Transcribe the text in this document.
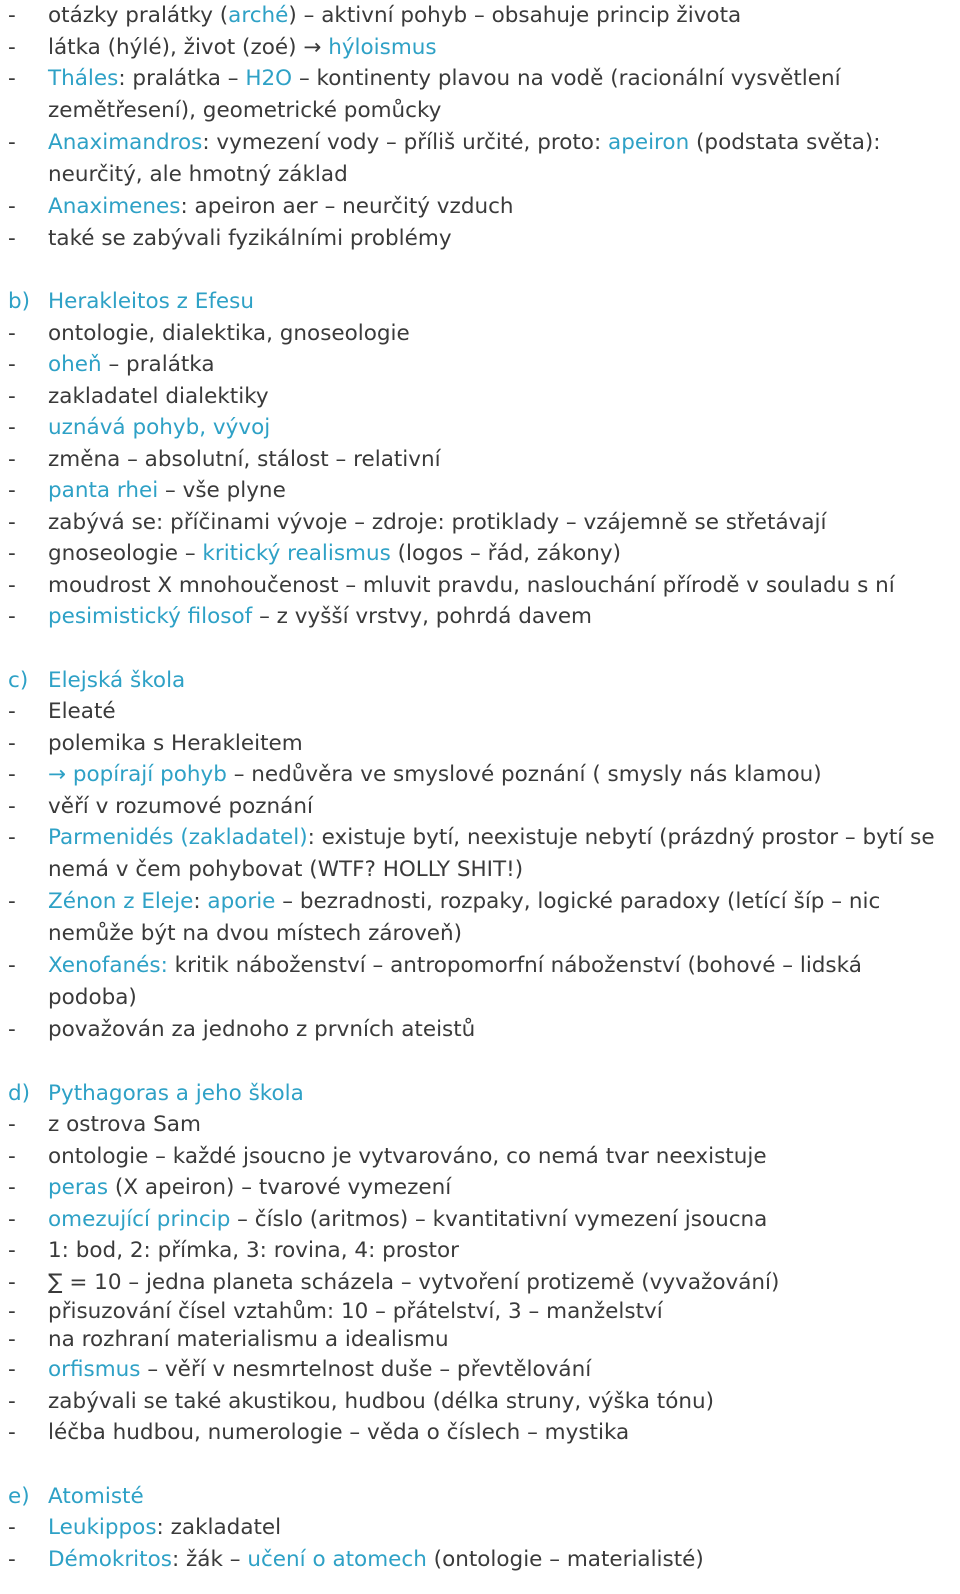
- otázky pralátky (arché) – aktivní pohyb – obsahuje princip života
- látka (hýlé), život (zoé) → hýloismus
- Tháles: pralátka – H2O – kontinenty plavou na vodě (racionální vysvětlení zemětřesení), geometrické pomůcky
- Anaximandros: vymezení vody – příliš určité, proto: apeiron (podstata světa): neurčitý, ale hmotný základ
- Anaximenes: apeiron aer – neurčitý vzduch
- také se zabývali fyzikálními problémy
b) Herakleitos z Efesu
- ontologie, dialektika, gnoseologie
- oheň – pralátka
- zakladatel dialektiky
- uznává pohyb, vývoj
- změna – absolutní, stálost – relativní
- panta rhei – vše plyne
- zabývá se: příčinami vývoje – zdroje: protiklady – vzájemně se střetávají
- gnoseologie – kritický realismus (logos – řád, zákony)
- moudrost X mnohoučenost – mluvit pravdu, naslouchání přírodě v souladu s ní
- pesimistický filosof – z vyšší vrstvy, pohrdá davem
c) Elejská škola
- Eleaté
- polemika s Herakleitem
- → popírají pohyb – nedůvěra ve smyslové poznání ( smysly nás klamou)
- věří v rozumové poznání
- Parmenidés (zakladatel): existuje bytí, neexistuje nebytí (prázdný prostor – bytí se nemá v čem pohybovat (WTF? HOLLY SHIT!)
- Zénon z Eleje: aporie – bezradnosti, rozpaky, logické paradoxy (letící šíp – nic nemůže být na dvou místech zároveň)
- Xenofanés: kritik náboženství – antropomorfní náboženství (bohové – lidská podoba)
- považován za jednoho z prvních ateistů
d) Pythagoras a jeho škola
- z ostrova Sam
- ontologie – každé jsoucno je vytvarováno, co nemá tvar neexistuje
- peras (X apeiron) – tvarové vymezení
- omezující princip – číslo (aritmos) – kvantitativní vymezení jsoucna
- 1: bod, 2: přímka, 3: rovina, 4: prostor
- ∑ = 10 – jedna planeta scházela – vytvoření protizemě (vyvažování)
- přisuzování čísel vztahům: 10 – přátelství, 3 – manželství
- na rozhraní materialismu a idealismu
- orfismus – věří v nesmrtelnost duše – převtělování
- zabývali se také akustikou, hudbou (délka struny, výška tónu)
- léčba hudbou, numerologie – věda o číslech – mystika
e) Atomisté
- Leukippos: zakladatel
- Démokritos: žák – učení o atomech (ontologie – materialisté)
